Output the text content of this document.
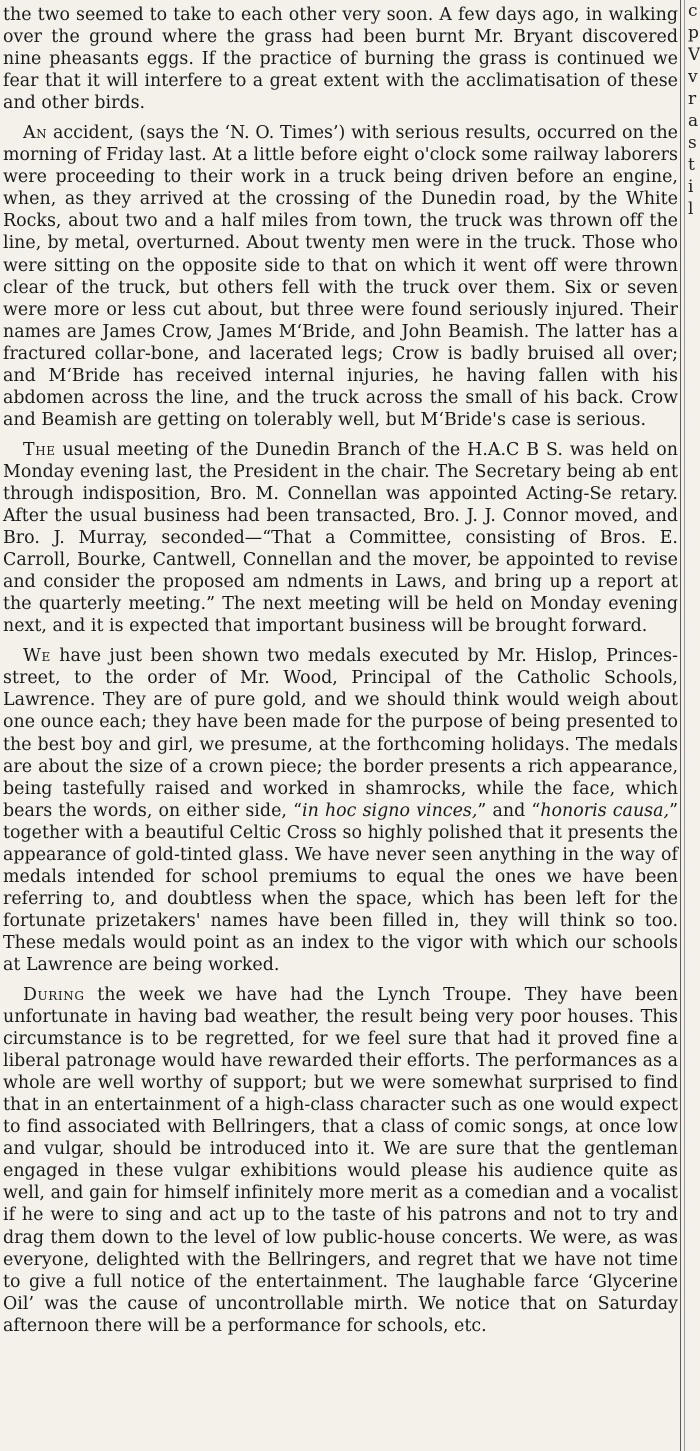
the two seemed to take to each other very soon. A few days ago, in walking over the ground where the grass had been burnt Mr. Bryant discovered nine pheasants eggs. If the practice of burning the grass is continued we fear that it will interfere to a great extent with the acclimatisation of these and other birds.

An accident, (says the ‘N. O. Times’) with serious results, occurred on the morning of Friday last. At a little before eight o'clock some railway laborers were proceeding to their work in a truck being driven before an engine, when, as they arrived at the crossing of the Dunedin road, by the White Rocks, about two and a half miles from town, the truck was thrown off the line, by metal, overturned. About twenty men were in the truck. Those who were sitting on the opposite side to that on which it went off were thrown clear of the truck, but others fell with the truck over them. Six or seven were more or less cut about, but three were found seriously injured. Their names are James Crow, James M‘Bride, and John Beamish. The latter has a fractured collar-bone, and lacerated legs; Crow is badly bruised all over; and M‘Bride has received internal injuries, he having fallen with his abdomen across the line, and the truck across the small of his back. Crow and Beamish are getting on tolerably well, but M‘Bride's case is serious.

The usual meeting of the Dunedin Branch of the H.A.C B S. was held on Monday evening last, the President in the chair. The Secretary being ab ent through indisposition, Bro. M. Connellan was appointed Acting-Se retary. After the usual business had been transacted, Bro. J. J. Connor moved, and Bro. J. Murray, seconded—“That a Committee, consisting of Bros. E. Carroll, Bourke, Cantwell, Connellan and the mover, be appointed to revise and consider the proposed am ndments in Laws, and bring up a report at the quarterly meeting.” The next meeting will be held on Monday evening next, and it is expected that important business will be brought forward.

We have just been shown two medals executed by Mr. Hislop, Princes-street, to the order of Mr. Wood, Principal of the Catholic Schools, Lawrence. They are of pure gold, and we should think would weigh about one ounce each; they have been made for the purpose of being presented to the best boy and girl, we presume, at the forthcoming holidays. The medals are about the size of a crown piece; the border presents a rich appearance, being tastefully raised and worked in shamrocks, while the face, which bears the words, on either side, “in hoc signo vinces,” and “honoris causa,” together with a beautiful Celtic Cross so highly polished that it presents the appearance of gold-tinted glass. We have never seen anything in the way of medals intended for school premiums to equal the ones we have been referring to, and doubtless when the space, which has been left for the fortunate prizetakers' names have been filled in, they will think so too. These medals would point as an index to the vigor with which our schools at Lawrence are being worked.

During the week we have had the Lynch Troupe. They have been unfortunate in having bad weather, the result being very poor houses. This circumstance is to be regretted, for we feel sure that had it proved fine a liberal patronage would have rewarded their efforts. The performances as a whole are well worthy of support; but we were somewhat surprised to find that in an entertainment of a high-class character such as one would expect to find associated with Bellringers, that a class of comic songs, at once low and vulgar, should be introduced into it. We are sure that the gentleman engaged in these vulgar exhibitions would please his audience quite as well, and gain for himself infinitely more merit as a comedian and a vocalist if he were to sing and act up to the taste of his patrons and not to try and drag them down to the level of low public-house concerts. We were, as was everyone, delighted with the Bellringers, and regret that we have not time to give a full notice of the entertainment. The laughable farce ‘Glycerine Oil’ was the cause of uncontrollable mirth. We notice that on Saturday afternoon there will be a performance for schools, etc.

c
p
V
v
r
a
s
t
i
l
